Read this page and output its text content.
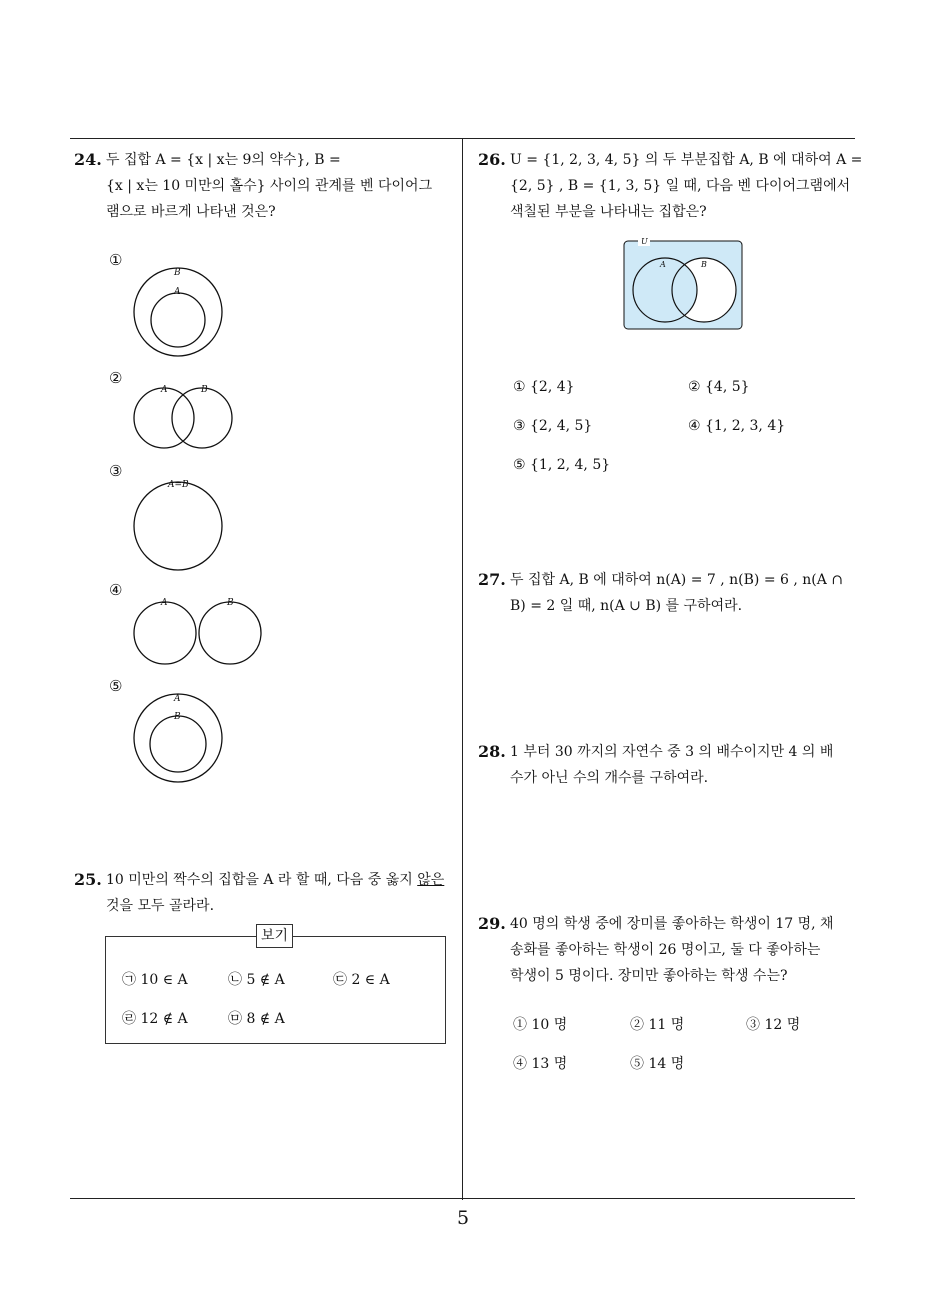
5
24. 두 집합 A = {x | x는 9의 약수}, B =
{x | x는 10 미만의 홀수} 사이의 관계를 벤 다이어그
램으로 바르게 나타낸 것은?
①
B
A
②
A	B
③
A=B
④
A	B
⑤
A
B
25. 10 미만의 짝수의 집합을 A 라 할 때, 다음 중 옳지 않은
것을 모두 골라라.
보기
㉠ 10 ∈ A	㉡ 5 ∉ A	㉢ 2 ∈ A
㉣ 12 ∉ A	㉤ 8 ∉ A
26. U = {1, 2, 3, 4, 5} 의 두 부분집합 A, B 에 대하여 A =
{2, 5} , B = {1, 3, 5} 일 때, 다음 벤 다이어그램에서
색칠된 부분을 나타내는 집합은?
U
A	B
① {2, 4}	② {4, 5}
③ {2, 4, 5}	④ {1, 2, 3, 4}
⑤ {1, 2, 4, 5}
27. 두 집합 A, B 에 대하여 n(A) = 7 , n(B) = 6 , n(A ∩
B) = 2 일 때, n(A ∪ B) 를 구하여라.
28. 1 부터 30 까지의 자연수 중 3 의 배수이지만 4 의 배
수가 아닌 수의 개수를 구하여라.
29. 40 명의 학생 중에 장미를 좋아하는 학생이 17 명, 채
송화를 좋아하는 학생이 26 명이고, 둘 다 좋아하는
학생이 5 명이다. 장미만 좋아하는 학생 수는?
① 10 명	② 11 명	③ 12 명
④ 13 명	⑤ 14 명
